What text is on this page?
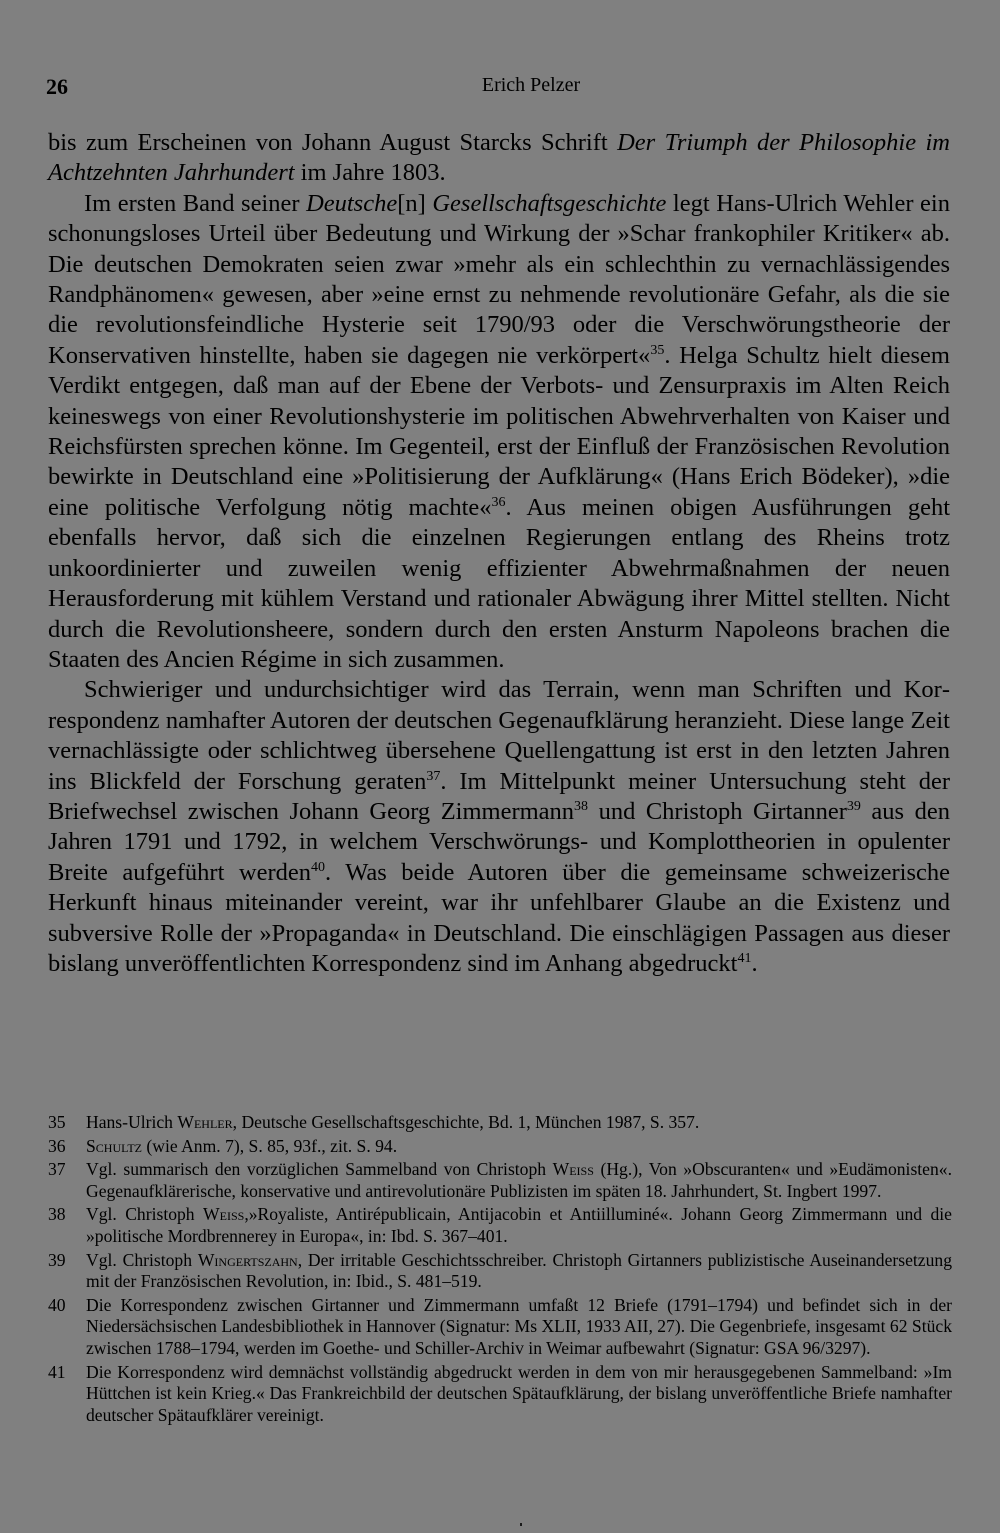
26	Erich Pelzer

bis zum Erscheinen von Johann August Starcks Schrift Der Triumph der Philosophie im Achtzehnten Jahrhundert im Jahre 1803.

Im ersten Band seiner Deutsche[n] Gesellschaftsgeschichte legt Hans-Ulrich Wehler ein schonungsloses Urteil über Bedeutung und Wirkung der »Schar frankophiler Kritiker« ab. Die deutschen Demokraten seien zwar »mehr als ein schlechthin zu vernachlässigendes Randphänomen« gewesen, aber »eine ernst zu nehmende revolutionäre Gefahr, als die sie die revolutionsfeindliche Hysterie seit 1790/93 oder die Verschwörungstheorie der Konservativen hinstellte, haben sie dagegen nie verkörpert«$^{35}$. Helga Schultz hielt diesem Verdikt entgegen, daß man auf der Ebene der Verbots- und Zensurpraxis im Alten Reich keineswegs von einer Revolutionshysterie im politischen Abwehrverhalten von Kaiser und Reichsfürsten sprechen könne. Im Gegenteil, erst der Einfluß der Französischen Revolution bewirkte in Deutschland eine »Politisierung der Aufklärung« (Hans Erich Bödeker), »die eine politische Verfolgung nötig machte«$^{36}$. Aus meinen obigen Ausführungen geht ebenfalls hervor, daß sich die einzelnen Regierungen entlang des Rheins trotz unkoordinierter und zuweilen wenig effizienter Abwehrmaßnahmen der neuen Herausforderung mit kühlem Verstand und rationaler Abwägung ihrer Mittel stellten. Nicht durch die Revolutionsheere, sondern durch den ersten Ansturm Napoleons brachen die Staaten des Ancien Régime in sich zusammen.

Schwieriger und undurchsichtiger wird das Terrain, wenn man Schriften und Korrespondenz namhafter Autoren der deutschen Gegenaufklärung heranzieht. Diese lange Zeit vernachlässigte oder schlichtweg übersehene Quellengattung ist erst in den letzten Jahren ins Blickfeld der Forschung geraten$^{37}$. Im Mittelpunkt meiner Untersuchung steht der Briefwechsel zwischen Johann Georg Zimmermann$^{38}$ und Christoph Girtanner$^{39}$ aus den Jahren 1791 und 1792, in welchem Verschwörungs- und Komplottheorien in opulenter Breite aufgeführt werden$^{40}$. Was beide Autoren über die gemeinsame schweizerische Herkunft hinaus miteinander vereint, war ihr unfehlbarer Glaube an die Existenz und subversive Rolle der »Propaganda« in Deutschland. Die einschlägigen Passagen aus dieser bislang unveröffentlichten Korrespondenz sind im Anhang abgedruckt$^{41}$.

35	Hans-Ulrich Wehler, Deutsche Gesellschaftsgeschichte, Bd. 1, München 1987, S. 357.
36	Schultz (wie Anm. 7), S. 85, 93f., zit. S. 94.
37	Vgl. summarisch den vorzüglichen Sammelband von Christoph Weiss (Hg.), Von »Obscuranten« und »Eudämonisten«. Gegenaufklärerische, konservative und antirevolutionäre Publizisten im späten 18. Jahrhundert, St. Ingbert 1997.
38	Vgl. Christoph Weiss,»Royaliste, Antirépublicain, Antijacobin et Antiilluminé«. Johann Georg Zimmermann und die »politische Mordbrennerey in Europa«, in: Ibd. S. 367–401.
39	Vgl. Christoph Wingertszahn, Der irritable Geschichtsschreiber. Christoph Girtanners publizistische Auseinandersetzung mit der Französischen Revolution, in: Ibid., S. 481–519.
40	Die Korrespondenz zwischen Girtanner und Zimmermann umfaßt 12 Briefe (1791–1794) und befindet sich in der Niedersächsischen Landesbibliothek in Hannover (Signatur: Ms XLII, 1933 AII, 27). Die Gegenbriefe, insgesamt 62 Stück zwischen 1788–1794, werden im Goethe- und Schiller-Archiv in Weimar aufbewahrt (Signatur: GSA 96/3297).
41	Die Korrespondenz wird demnächst vollständig abgedruckt werden in dem von mir herausgegebenen Sammelband: »Im Hüttchen ist kein Krieg.« Das Frankreichbild der deutschen Spätaufklärung, der bislang unveröffentliche Briefe namhafter deutscher Spätaufklärer vereinigt.
